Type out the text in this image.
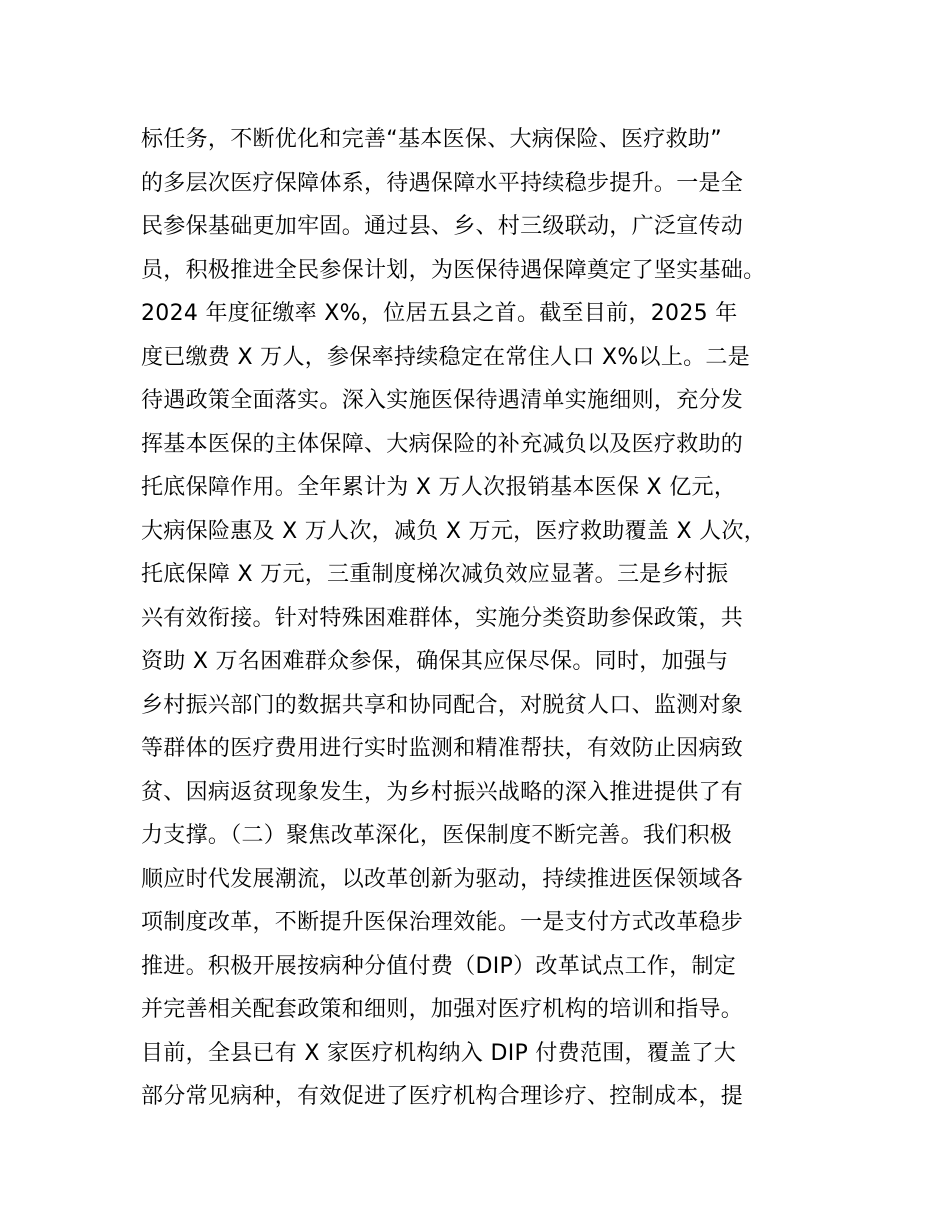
标任务，不断优化和完善“基本医保、大病保险、医疗救助”
的多层次医疗保障体系，待遇保障水平持续稳步提升。一是全
民参保基础更加牢固。通过县、乡、村三级联动，广泛宣传动
员，积极推进全民参保计划，为医保待遇保障奠定了坚实基础。
2024 年度征缴率 X%，位居五县之首。截至目前，2025 年
度已缴费 X 万人，参保率持续稳定在常住人口 X%以上。二是
待遇政策全面落实。深入实施医保待遇清单实施细则，充分发
挥基本医保的主体保障、大病保险的补充减负以及医疗救助的
托底保障作用。全年累计为 X 万人次报销基本医保 X 亿元，
大病保险惠及 X 万人次，减负 X 万元，医疗救助覆盖 X 人次，
托底保障 X 万元，三重制度梯次减负效应显著。三是乡村振
兴有效衔接。针对特殊困难群体，实施分类资助参保政策，共
资助 X 万名困难群众参保，确保其应保尽保。同时，加强与
乡村振兴部门的数据共享和协同配合，对脱贫人口、监测对象
等群体的医疗费用进行实时监测和精准帮扶，有效防止因病致
贫、因病返贫现象发生，为乡村振兴战略的深入推进提供了有
力支撑。（二）聚焦改革深化，医保制度不断完善。我们积极
顺应时代发展潮流，以改革创新为驱动，持续推进医保领域各
项制度改革，不断提升医保治理效能。一是支付方式改革稳步
推进。积极开展按病种分值付费（DIP）改革试点工作，制定
并完善相关配套政策和细则，加强对医疗机构的培训和指导。
目前，全县已有 X 家医疗机构纳入 DIP 付费范围，覆盖了大
部分常见病种，有效促进了医疗机构合理诊疗、控制成本，提
